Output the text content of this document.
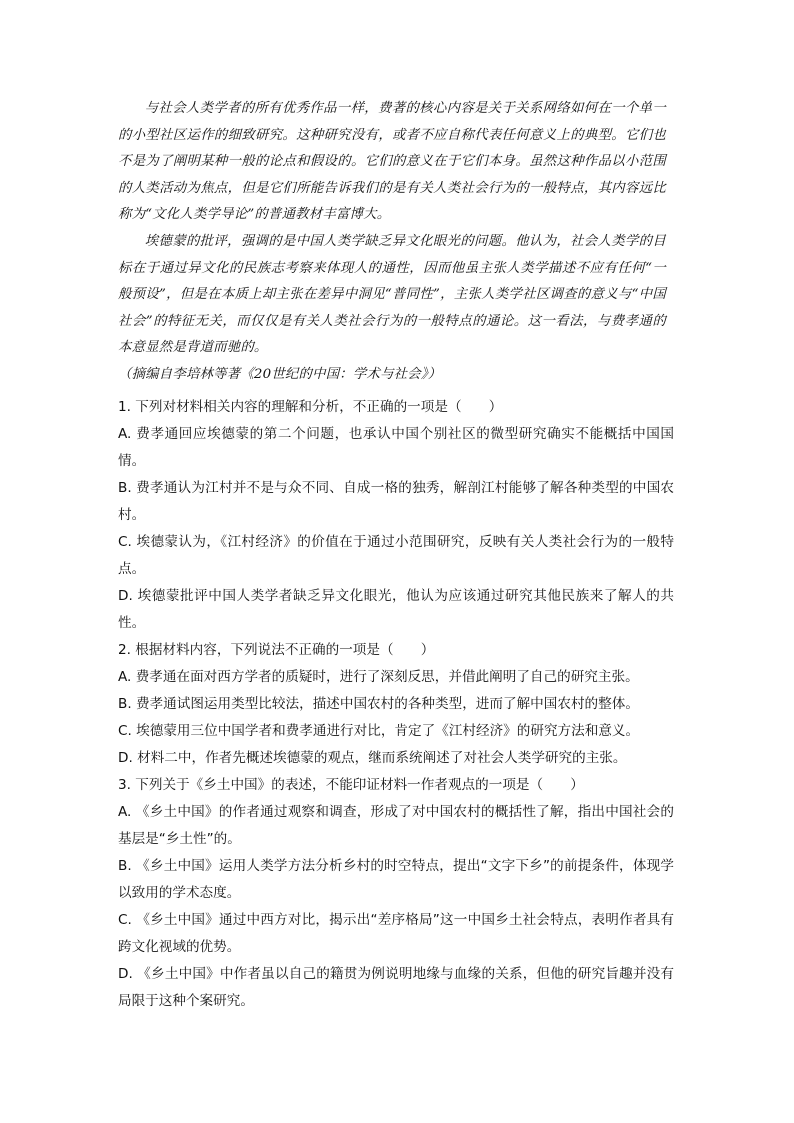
与社会人类学者的所有优秀作品一样，费著的核心内容是关于关系网络如何在一个单一的小型社区运作的细致研究。这种研究没有，或者不应自称代表任何意义上的典型。它们也不是为了阐明某种一般的论点和假设的。它们的意义在于它们本身。虽然这种作品以小范围的人类活动为焦点，但是它们所能告诉我们的是有关人类社会行为的一般特点，其内容远比称为“文化人类学导论”的普通教材丰富博大。

埃德蒙的批评，强调的是中国人类学缺乏异文化眼光的问题。他认为，社会人类学的目标在于通过异文化的民族志考察来体现人的通性，因而他虽主张人类学描述不应有任何“一般预设”，但是在本质上却主张在差异中洞见“普同性”，主张人类学社区调查的意义与“中国社会”的特征无关，而仅仅是有关人类社会行为的一般特点的通论。这一看法，与费孝通的本意显然是背道而驰的。

（摘编自李培林等著《20世纪的中国：学术与社会》）

1. 下列对材料相关内容的理解和分析，不正确的一项是（　　）

A. 费孝通回应埃德蒙的第二个问题，也承认中国个别社区的微型研究确实不能概括中国国情。

B. 费孝通认为江村并不是与众不同、自成一格的独秀，解剖江村能够了解各种类型的中国农村。

C. 埃德蒙认为，《江村经济》的价值在于通过小范围研究，反映有关人类社会行为的一般特点。

D. 埃德蒙批评中国人类学者缺乏异文化眼光，他认为应该通过研究其他民族来了解人的共性。

2. 根据材料内容，下列说法不正确的一项是（　　）

A. 费孝通在面对西方学者的质疑时，进行了深刻反思，并借此阐明了自己的研究主张。

B. 费孝通试图运用类型比较法，描述中国农村的各种类型，进而了解中国农村的整体。

C. 埃德蒙用三位中国学者和费孝通进行对比，肯定了《江村经济》的研究方法和意义。

D. 材料二中，作者先概述埃德蒙的观点，继而系统阐述了对社会人类学研究的主张。

3. 下列关于《乡土中国》的表述，不能印证材料一作者观点的一项是（　　）

A. 《乡土中国》的作者通过观察和调查，形成了对中国农村的概括性了解，指出中国社会的基层是“乡土性”的。

B. 《乡土中国》运用人类学方法分析乡村的时空特点，提出“文字下乡”的前提条件，体现学以致用的学术态度。

C. 《乡土中国》通过中西方对比，揭示出“差序格局”这一中国乡土社会特点，表明作者具有跨文化视域的优势。

D. 《乡土中国》中作者虽以自己的籍贯为例说明地缘与血缘的关系，但他的研究旨趣并没有局限于这种个案研究。
